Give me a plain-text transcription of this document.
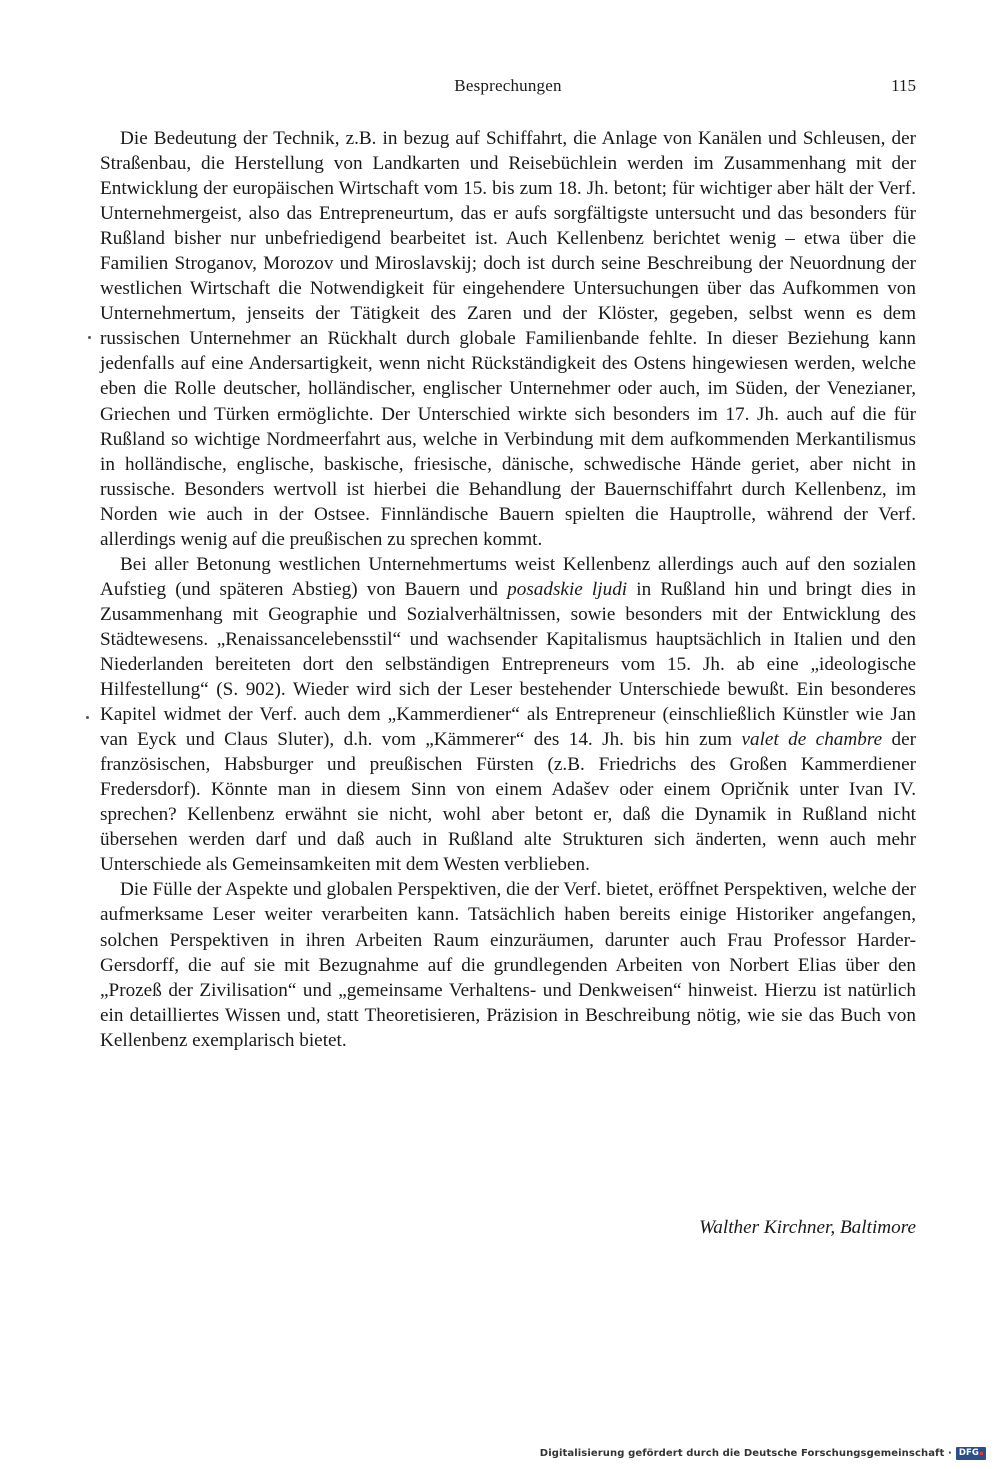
Besprechungen	115

Die Bedeutung der Technik, z.B. in bezug auf Schiffahrt, die Anlage von Kanälen und Schleusen, der Straßenbau, die Herstellung von Landkarten und Reisebüchlein werden im Zusammenhang mit der Entwicklung der europäischen Wirtschaft vom 15. bis zum 18. Jh. betont; für wichtiger aber hält der Verf. Unternehmergeist, also das Entrepreneurtum, das er aufs sorgfältigste untersucht und das besonders für Rußland bisher nur unbefriedigend bearbeitet ist. Auch Kellenbenz berichtet wenig – etwa über die Familien Stroganov, Morozov und Miroslavskij; doch ist durch seine Beschreibung der Neuordnung der westlichen Wirtschaft die Notwendigkeit für eingehendere Untersuchungen über das Aufkommen von Unternehmertum, jenseits der Tätigkeit des Zaren und der Klöster, gegeben, selbst wenn es dem russischen Unternehmer an Rückhalt durch globale Familienbande fehlte. In dieser Beziehung kann jedenfalls auf eine Andersartigkeit, wenn nicht Rückständigkeit des Ostens hingewiesen werden, welche eben die Rolle deutscher, holländischer, englischer Unternehmer oder auch, im Süden, der Venezianer, Griechen und Türken ermöglichte. Der Unterschied wirkte sich besonders im 17. Jh. auch auf die für Rußland so wichtige Nordmeerfahrt aus, welche in Verbindung mit dem aufkommenden Merkantilismus in holländische, englische, baskische, friesische, dänische, schwedische Hände geriet, aber nicht in russische. Besonders wertvoll ist hierbei die Behandlung der Bauernschiffahrt durch Kellenbenz, im Norden wie auch in der Ostsee. Finnländische Bauern spielten die Hauptrolle, während der Verf. allerdings wenig auf die preußischen zu sprechen kommt.

Bei aller Betonung westlichen Unternehmertums weist Kellenbenz allerdings auch auf den sozialen Aufstieg (und späteren Abstieg) von Bauern und posadskie ljudi in Rußland hin und bringt dies in Zusammenhang mit Geographie und Sozialverhältnissen, sowie besonders mit der Entwicklung des Städtewesens. „Renaissancelebensstil“ und wachsender Kapitalismus hauptsächlich in Italien und den Niederlanden bereiteten dort den selbständigen Entrepreneurs vom 15. Jh. ab eine „ideologische Hilfestellung“ (S. 902). Wieder wird sich der Leser bestehender Unterschiede bewußt. Ein besonderes Kapitel widmet der Verf. auch dem „Kammerdiener“ als Entrepreneur (einschließlich Künstler wie Jan van Eyck und Claus Sluter), d.h. vom „Kämmerer“ des 14. Jh. bis hin zum valet de chambre der französischen, Habsburger und preußischen Fürsten (z.B. Friedrichs des Großen Kammerdiener Fredersdorf). Könnte man in diesem Sinn von einem Adašev oder einem Opričnik unter Ivan IV. sprechen? Kellenbenz erwähnt sie nicht, wohl aber betont er, daß die Dynamik in Rußland nicht übersehen werden darf und daß auch in Rußland alte Strukturen sich änderten, wenn auch mehr Unterschiede als Gemeinsamkeiten mit dem Westen verblieben.

Die Fülle der Aspekte und globalen Perspektiven, die der Verf. bietet, eröffnet Perspektiven, welche der aufmerksame Leser weiter verarbeiten kann. Tatsächlich haben bereits einige Historiker angefangen, solchen Perspektiven in ihren Arbeiten Raum einzuräumen, darunter auch Frau Professor Harder-Gersdorff, die auf sie mit Bezugnahme auf die grundlegenden Arbeiten von Norbert Elias über den „Prozeß der Zivilisation“ und „gemeinsame Verhaltens- und Denkweisen“ hinweist. Hierzu ist natürlich ein detailliertes Wissen und, statt Theoretisieren, Präzision in Beschreibung nötig, wie sie das Buch von Kellenbenz exemplarisch bietet.

Walther Kirchner, Baltimore
Digitalisierung gefördert durch die Deutsche Forschungsgemeinschaft · DFG
